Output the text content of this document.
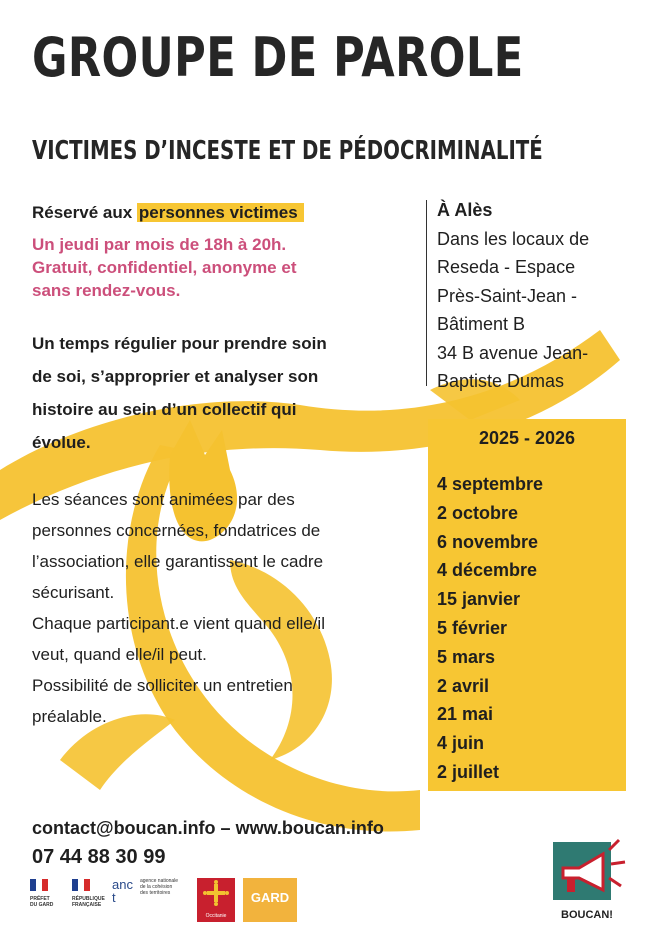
GROUPE DE PAROLE
VICTIMES D’INCESTE ET DE PÉDOCRIMINALITÉ
Réservé aux personnes victimes
Un jeudi par mois de 18h à 20h.
Gratuit, confidentiel, anonyme et
sans rendez-vous.
Un temps régulier pour prendre soin
de soi, s’approprier et analyser son
histoire au sein d’un collectif qui
évolue.
Les séances sont animées par des
personnes concernées, fondatrices de
l’association, elle garantissent le cadre
sécurisant.
Chaque participant.e vient quand elle/il
veut, quand elle/il peut.
Possibilité de solliciter un entretien
préalable.
À Alès
Dans les locaux de
Reseda - Espace
Près-Saint-Jean -
Bâtiment B
34 B avenue Jean-
Baptiste Dumas
2025 - 2026
4 septembre
2 octobre
6 novembre
4 décembre
15 janvier
5 février
5 mars
2 avril
21 mai
4 juin
2 juillet
contact@boucan.info – www.boucan.info
07 44 88 30 99
PRÉFET
DU GARD
RÉPUBLIQUE
FRANÇAISE
anct
agence nationale
de la cohésion
des territoires
Occitanie
GARD
BOUCAN!
